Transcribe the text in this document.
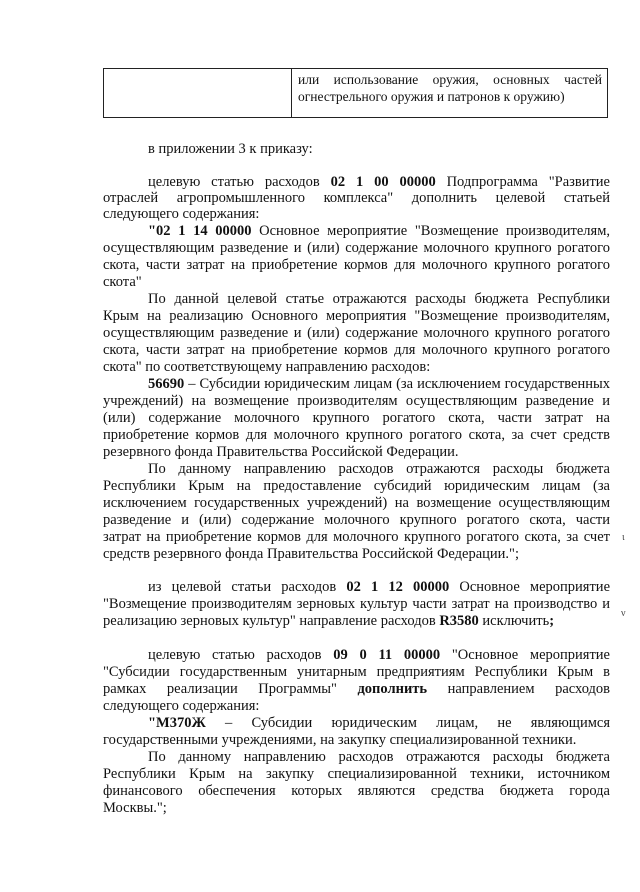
или использование оружия, основных частей
огнестрельного оружия и патронов к оружию)
в приложении 3 к приказу:
целевую статью расходов 02 1 00 00000 Подпрограмма "Развитие
отраслей агропромышленного комплекса" дополнить целевой статьей
следующего содержания:
"02 1 14 00000 Основное мероприятие "Возмещение производителям,
осуществляющим разведение и (или) содержание молочного крупного рогатого
скота, части затрат на приобретение кормов для молочного крупного рогатого
скота"
По данной целевой статье отражаются расходы бюджета Республики
Крым на реализацию Основного мероприятия "Возмещение производителям,
осуществляющим разведение и (или) содержание молочного крупного рогатого
скота, части затрат на приобретение кормов для молочного крупного рогатого
скота" по соответствующему направлению расходов:
56690 – Субсидии юридическим лицам (за исключением государственных
учреждений) на возмещение производителям осуществляющим разведение и
(или) содержание молочного крупного рогатого скота, части затрат на
приобретение кормов для молочного крупного рогатого скота, за счет средств
резервного фонда Правительства Российской Федерации.
По данному направлению расходов отражаются расходы бюджета
Республики Крым на предоставление субсидий юридическим лицам (за
исключением государственных учреждений) на возмещение осуществляющим
разведение и (или) содержание молочного крупного рогатого скота, части
затрат на приобретение кормов для молочного крупного рогатого скота, за счет
средств резервного фонда Правительства Российской Федерации.";
из целевой статьи расходов 02 1 12 00000 Основное мероприятие
"Возмещение производителям зерновых культур части затрат на производство и
реализацию зерновых культур" направление расходов R3580 исключить;
целевую статью расходов 09 0 11 00000 "Основное мероприятие
"Субсидии государственным унитарным предприятиям Республики Крым в
рамках реализации Программы" дополнить направлением расходов
следующего содержания:
"М370Ж – Субсидии юридическим лицам, не являющимся
государственными учреждениями, на закупку специализированной техники.
По данному направлению расходов отражаются расходы бюджета
Республики Крым на закупку специализированной техники, источником
финансового обеспечения которых являются средства бюджета города
Москвы.";
ι
ν
